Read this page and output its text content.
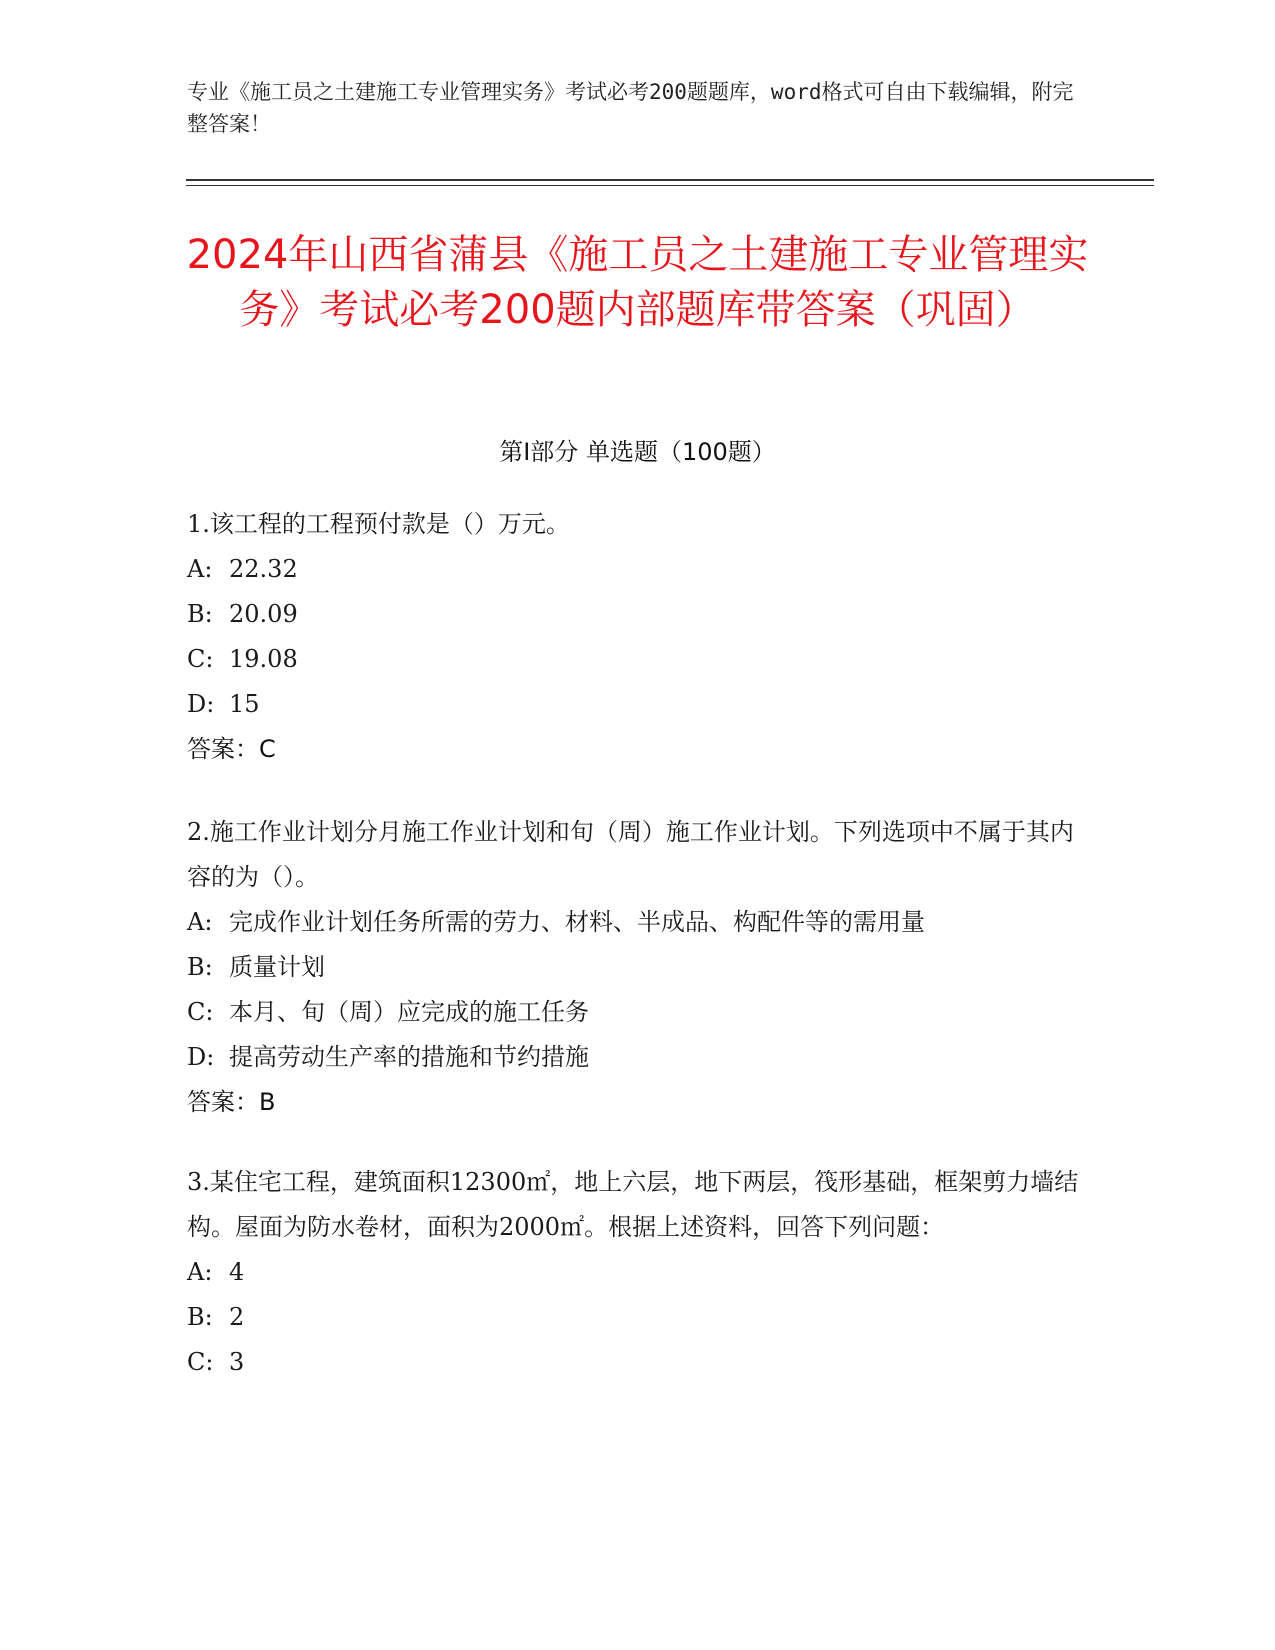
专业《施工员之土建施工专业管理实务》考试必考200题题库，word格式可自由下载编辑，附完整答案！
2024年山西省蒲县《施工员之土建施工专业管理实务》考试必考200题内部题库带答案（巩固）
第I部分 单选题（100题）
1.该工程的工程预付款是（）万元。
A: 22.32
B: 20.09
C: 19.08
D: 15
答案：C
2.施工作业计划分月施工作业计划和旬（周）施工作业计划。下列选项中不属于其内容的为（）。
A: 完成作业计划任务所需的劳力、材料、半成品、构配件等的需用量
B: 质量计划
C: 本月、旬（周）应完成的施工任务
D: 提高劳动生产率的措施和节约措施
答案：B
3.某住宅工程，建筑面积12300㎡，地上六层，地下两层，筏形基础，框架剪力墙结构。屋面为防水卷材，面积为2000㎡。根据上述资料，回答下列问题：
A: 4
B: 2
C: 3
